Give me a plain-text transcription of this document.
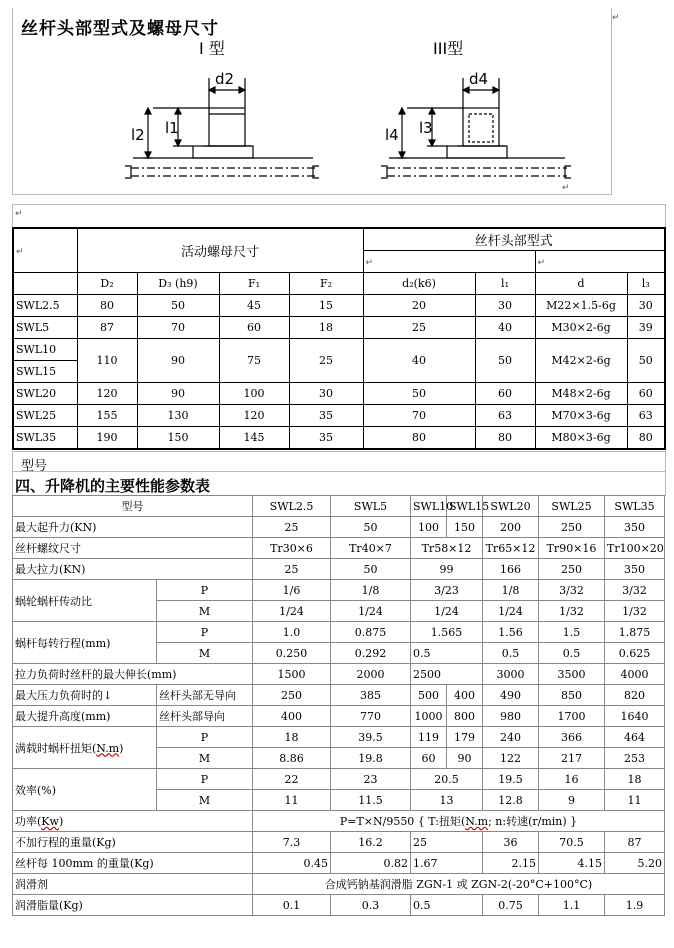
丝杆头部型式及螺母尺寸
I 型	III型
d2
l1
l2
d4
l3
l4
↵
↵
↵
↵	活动螺母尺寸				丝杆头部型式			
					↵		↵	
	D₂	D₃ (h9)	F₁	F₂	d₂(k6)	l₁	d	l₃
SWL2.5	80	50	45	15	20	30	M22×1.5-6g	30
SWL5	87	70	60	18	25	40	M30×2-6g	39
SWL10	110	90	75	25	40	50	M42×2-6g	50
SWL15								
SWL20	120	90	100	30	50	60	M48×2-6g	60
SWL25	155	130	120	35	70	63	M70×3-6g	63
SWL35	190	150	145	35	80	80	M80×3-6g	80
型号
四、升降机的主要性能参数表
型号		SWL2.5	SWL5	SWL10	SWL15	SWL20	SWL25	SWL35
最大起升力(KN)		25	50	100	150	200	250	350
丝杆螺纹尺寸		Tr30×6	Tr40×7	Tr58×12		Tr65×12	Tr90×16	Tr100×20
最大拉力(KN)		25	50	99		166	250	350
蜗轮蜗杆传动比	P	1/6	1/8	3/23		1/8	3/32	3/32
	M	1/24	1/24	1/24		1/24	1/32	1/32
蜗杆每转行程(mm)	P	1.0	0.875	1.565		1.56	1.5	1.875
	M	0.250	0.292	0.5		0.5	0.5	0.625
拉力负荷时丝杆的最大伸长(mm)		1500	2000	2500		3000	3500	4000
最大压力负荷时的↓	丝杆头部无导向	250	385	500	400	490	850	820
最大提升高度(mm)	丝杆头部导向	400	770	1000	800	980	1700	1640
满载时蜗杆扭矩(N.m)	P	18	39.5	119	179	240	366	464
	M	8.86	19.8	60	90	122	217	253
效率(%)	P	22	23	20.5		19.5	16	18
	M	11	11.5	13		12.8	9	11
功率(Kw)		P=T×N/9550 { T:扭矩(N.m; n:转速(r/min) }						
不加行程的重量(Kg)		7.3	16.2	25		36	70.5	87
丝杆每 100mm 的重量(Kg)		0.45	0.82	1.67		2.15	4.15	5.20
润滑剂		合成钙钠基润滑脂 ZGN-1 或 ZGN-2(-20°C+100°C)						
润滑脂量(Kg)		0.1	0.3	0.5		0.75	1.1	1.9
